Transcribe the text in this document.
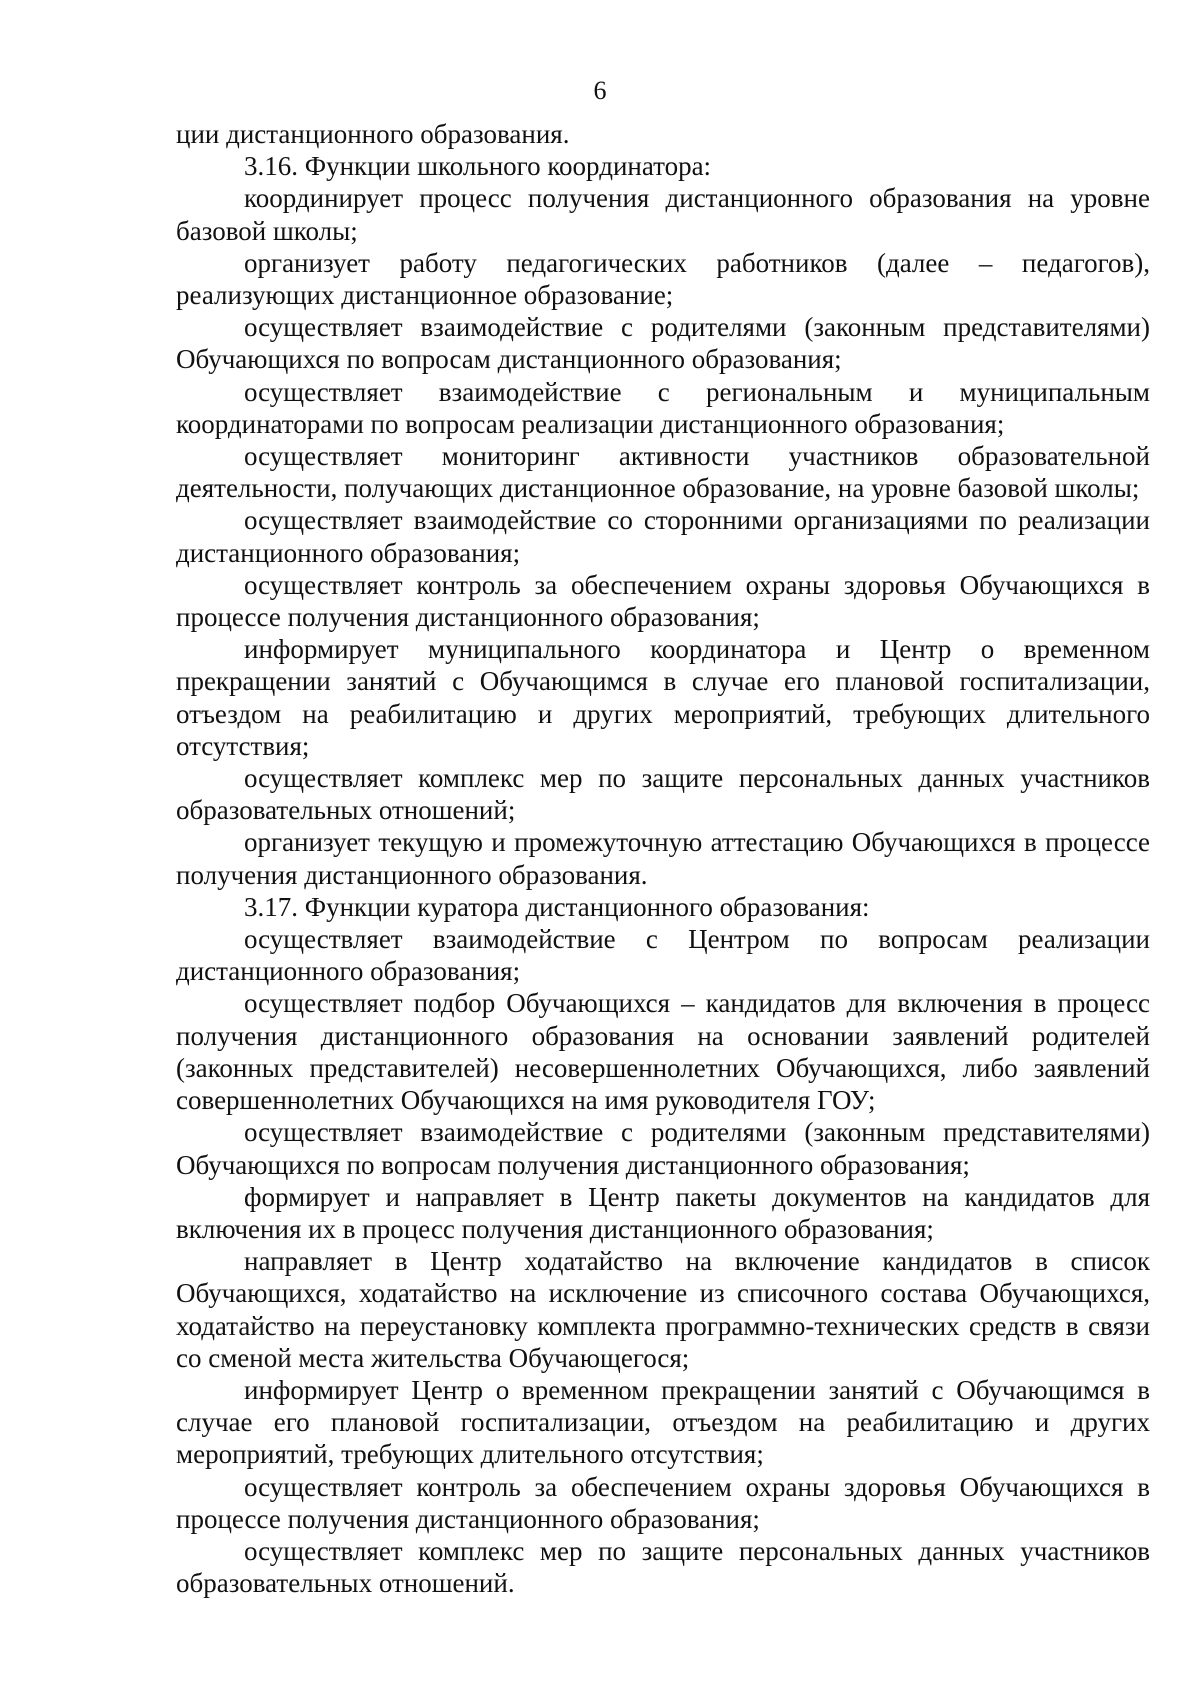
6

ции дистанционного образования.

3.16. Функции школьного координатора:

координирует процесс получения дистанционного образования на уровне базовой школы;

организует работу педагогических работников (далее – педагогов), реализующих дистанционное образование;

осуществляет взаимодействие с родителями (законным представителями) Обучающихся по вопросам дистанционного образования;

осуществляет взаимодействие с региональным и муниципальным координаторами по вопросам реализации дистанционного образования;

осуществляет мониторинг активности участников образовательной деятельности, получающих дистанционное образование, на уровне базовой школы;

осуществляет взаимодействие со сторонними организациями по реализации дистанционного образования;

осуществляет контроль за обеспечением охраны здоровья Обучающихся в процессе получения дистанционного образования;

информирует муниципального координатора и Центр о временном прекращении занятий с Обучающимся в случае его плановой госпитализации, отъездом на реабилитацию и других мероприятий, требующих длительного отсутствия;

осуществляет комплекс мер по защите персональных данных участников образовательных отношений;

организует текущую и промежуточную аттестацию Обучающихся в процессе получения дистанционного образования.

3.17. Функции куратора дистанционного образования:

осуществляет взаимодействие с Центром по вопросам реализации дистанционного образования;

осуществляет подбор Обучающихся – кандидатов для включения в процесс получения дистанционного образования на основании заявлений родителей (законных представителей) несовершеннолетних Обучающихся, либо заявлений совершеннолетних Обучающихся на имя руководителя ГОУ;

осуществляет взаимодействие с родителями (законным представителями) Обучающихся по вопросам получения дистанционного образования;

формирует и направляет в Центр пакеты документов на кандидатов для включения их в процесс получения дистанционного образования;

направляет в Центр ходатайство на включение кандидатов в список Обучающихся, ходатайство на исключение из списочного состава Обучающихся, ходатайство на переустановку комплекта программно-технических средств в связи со сменой места жительства Обучающегося;

информирует Центр о временном прекращении занятий с Обучающимся в случае его плановой госпитализации, отъездом на реабилитацию и других мероприятий, требующих длительного отсутствия;

осуществляет контроль за обеспечением охраны здоровья Обучающихся в процессе получения дистанционного образования;

осуществляет комплекс мер по защите персональных данных участников образовательных отношений.
